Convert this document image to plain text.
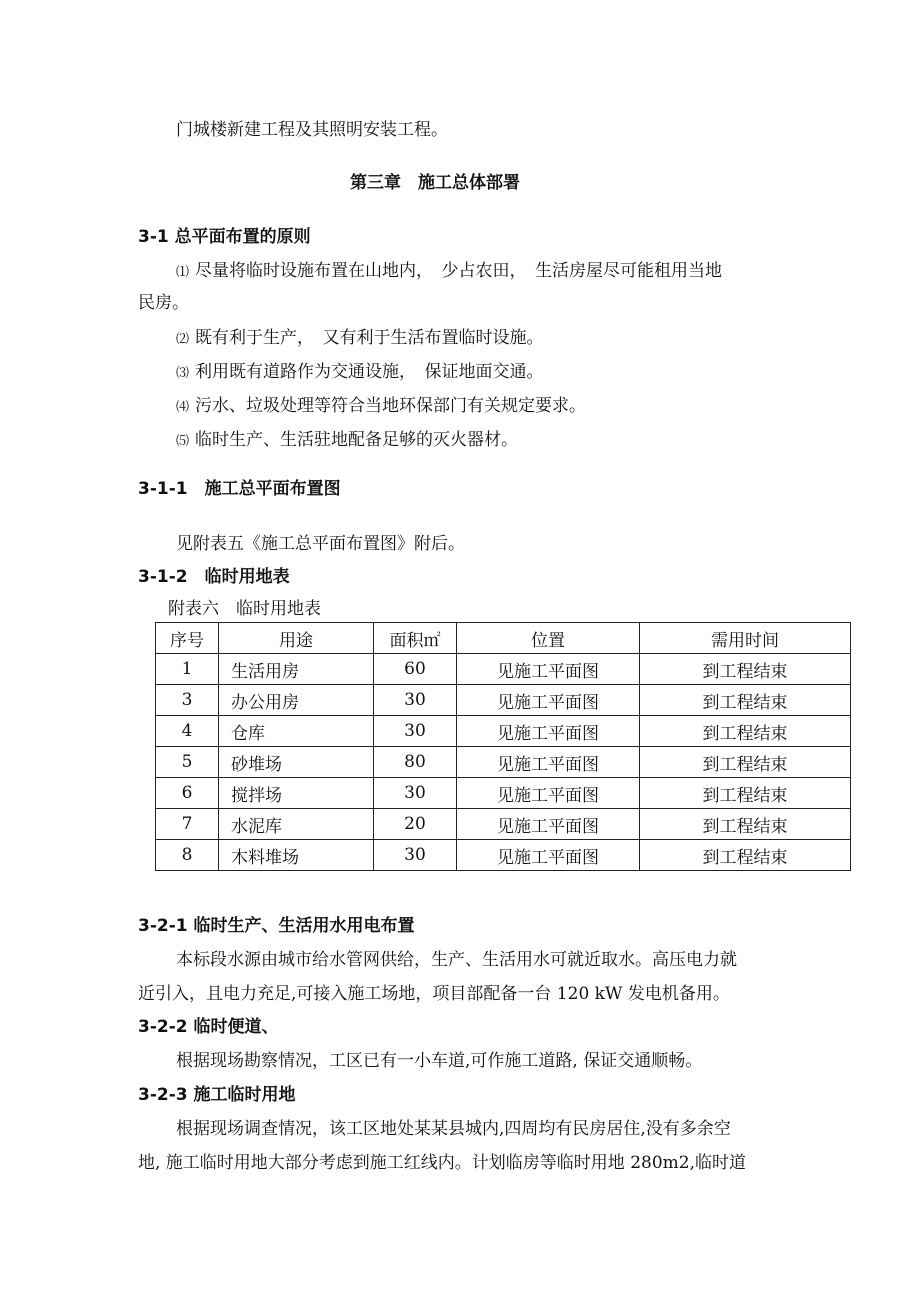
门城楼新建工程及其照明安装工程。
第三章　施工总体部署
3-1 总平面布置的原则
⑴ 尽量将临时设施布置在山地内，　少占农田，　生活房屋尽可能租用当地
民房。
⑵ 既有利于生产，　又有利于生活布置临时设施。
⑶ 利用既有道路作为交通设施，　保证地面交通。
⑷ 污水、垃圾处理等符合当地环保部门有关规定要求。
⑸ 临时生产、生活驻地配备足够的灭火器材。
3-1-1　施工总平面布置图
见附表五《施工总平面布置图》附后。
3-1-2　临时用地表
附表六　临时用地表
序号	用途	面积㎡	位置	需用时间
1	生活用房	60	见施工平面图	到工程结束
3	办公用房	30	见施工平面图	到工程结束
4	仓库	30	见施工平面图	到工程结束
5	砂堆场	80	见施工平面图	到工程结束
6	搅拌场	30	见施工平面图	到工程结束
7	水泥库	20	见施工平面图	到工程结束
8	木料堆场	30	见施工平面图	到工程结束
3-2-1 临时生产、生活用水用电布置
本标段水源由城市给水管网供给，生产、生活用水可就近取水。高压电力就
近引入，且电力充足,可接入施工场地，项目部配备一台 120 kW 发电机备用。
3-2-2 临时便道、
根据现场勘察情况，工区已有一小车道,可作施工道路, 保证交通顺畅。
3-2-3 施工临时用地
根据现场调查情况，该工区地处某某县城内,四周均有民房居住,没有多余空
地, 施工临时用地大部分考虑到施工红线内。计划临房等临时用地 280m2,临时道
